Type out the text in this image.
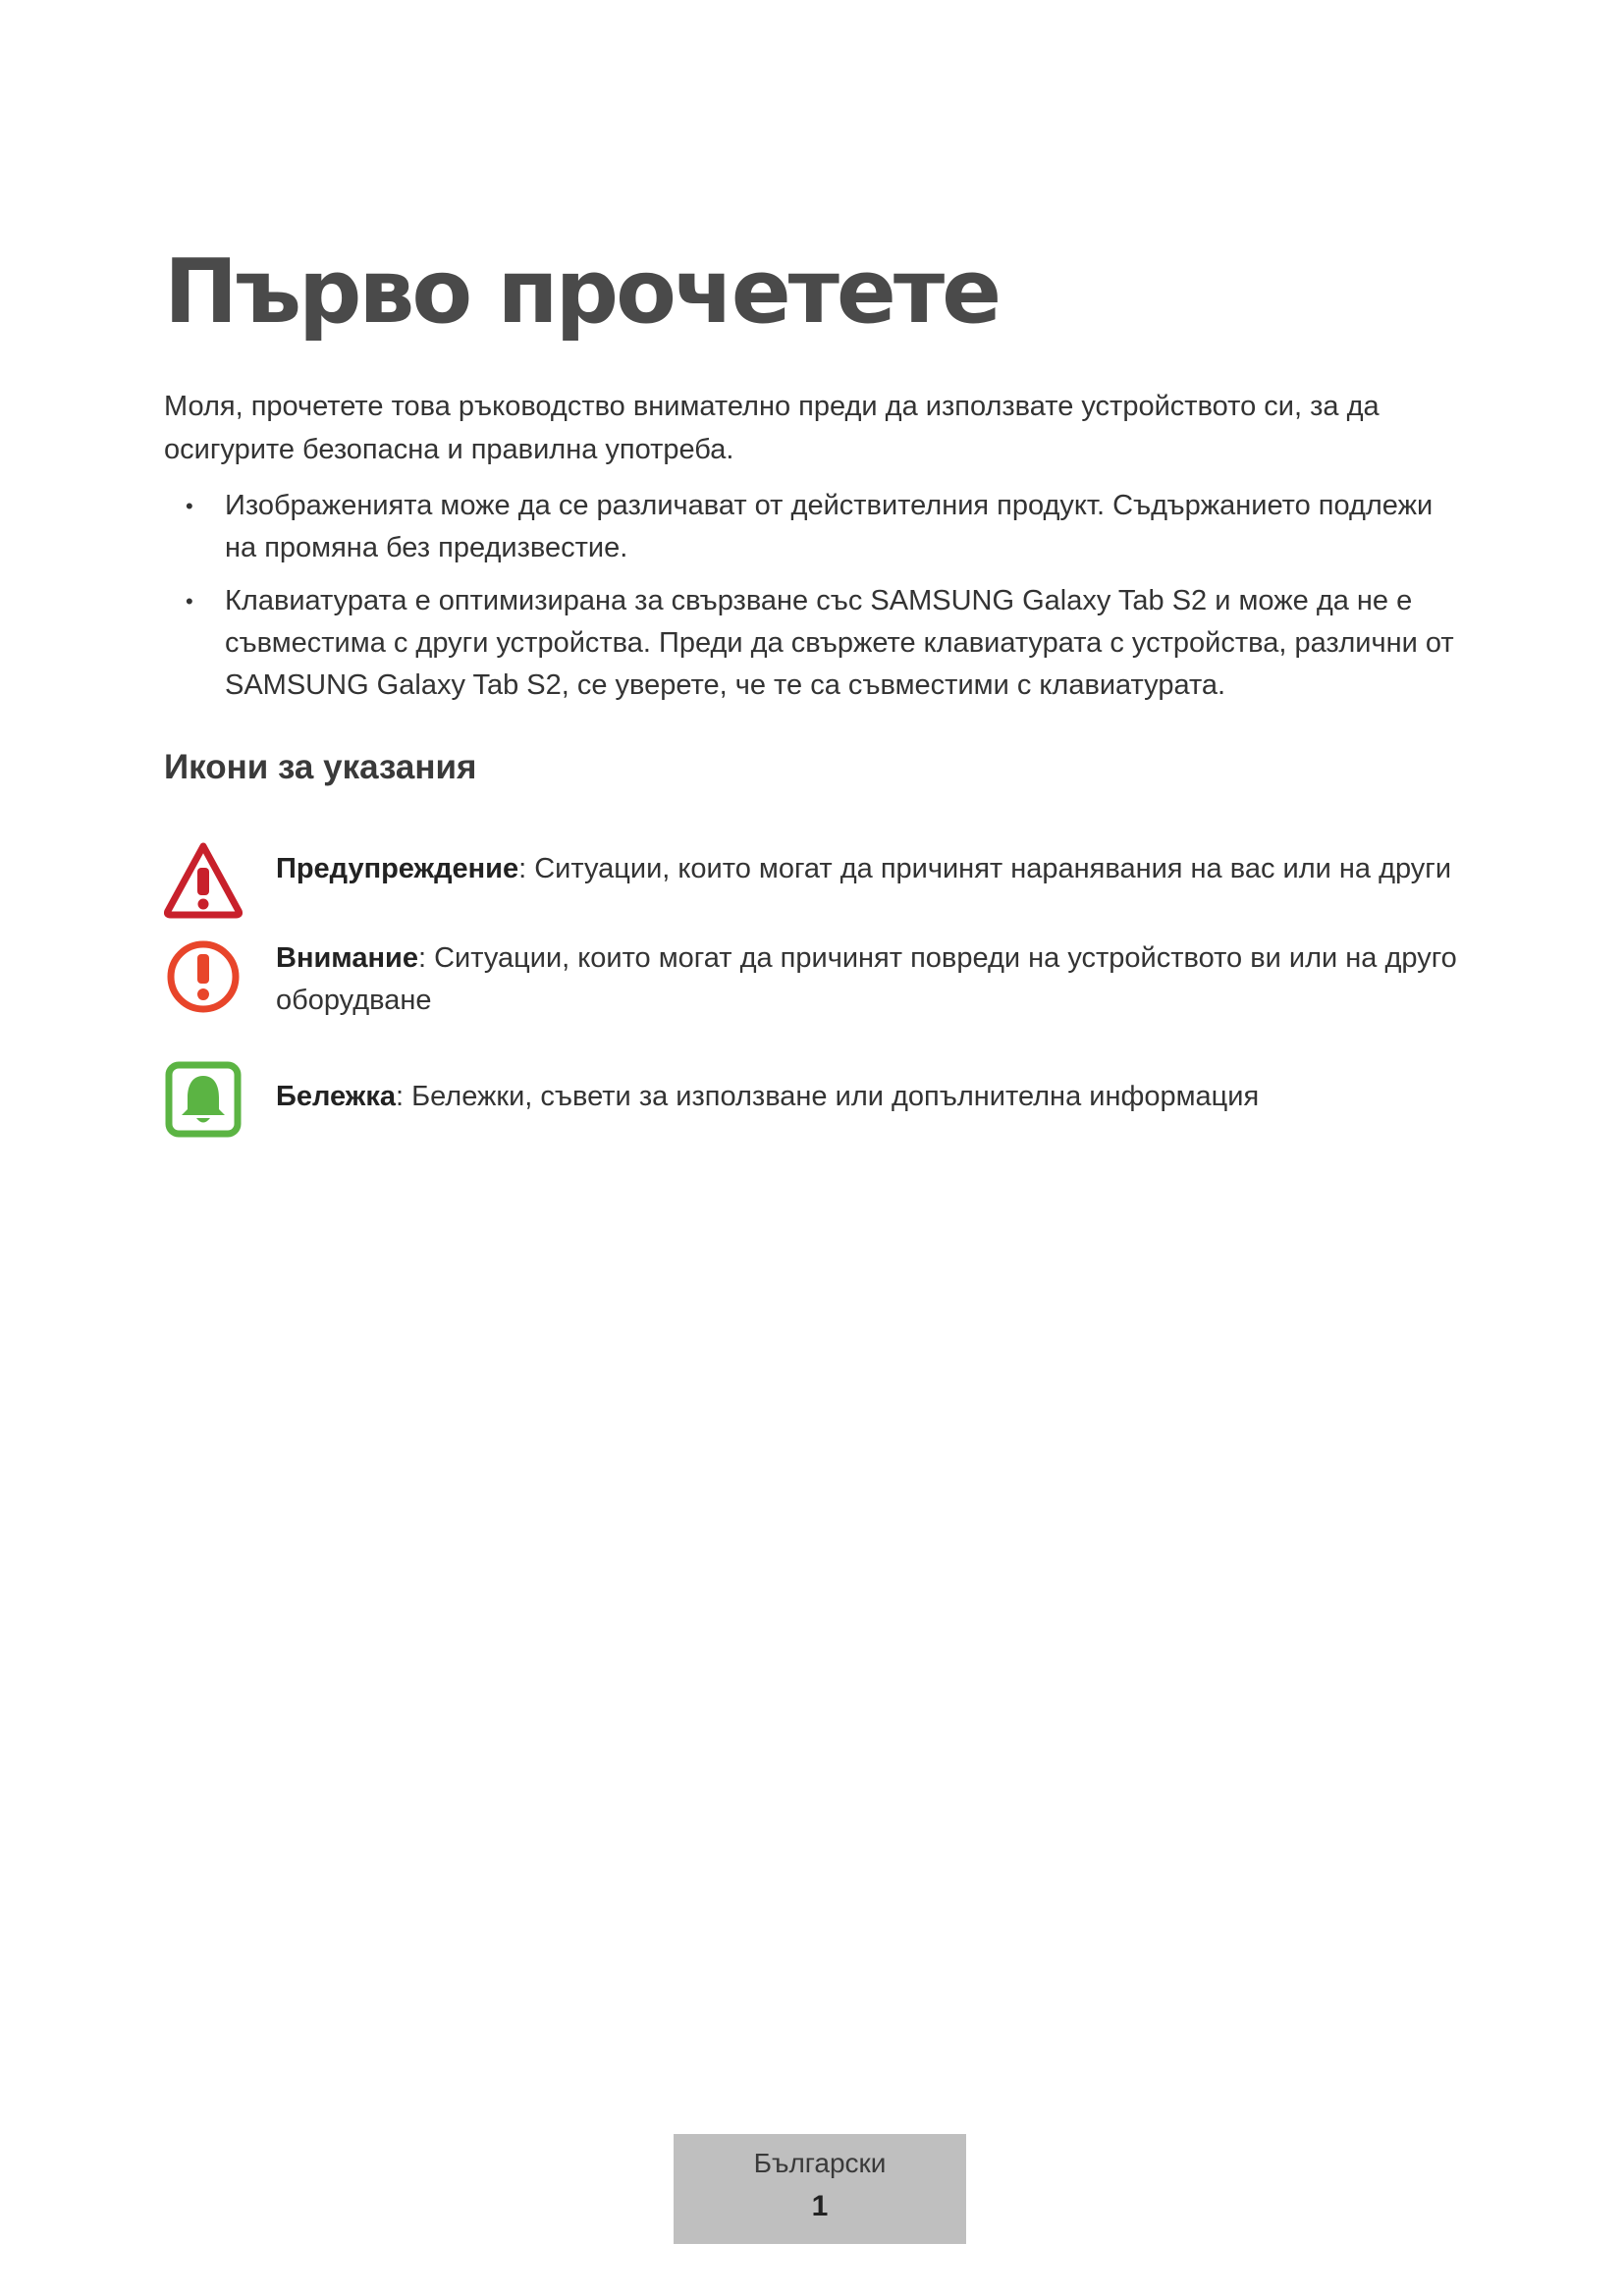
Първо прочетете

Моля, прочетете това ръководство внимателно преди да използвате устройството си, за да осигурите безопасна и правилна употреба.

• Изображенията може да се различават от действителния продукт. Съдържанието подлежи на промяна без предизвестие.
• Клавиатурата е оптимизирана за свързване със SAMSUNG Galaxy Tab S2 и може да не е съвместима с други устройства. Преди да свържете клавиатурата с устройства, различни от SAMSUNG Galaxy Tab S2, се уверете, че те са съвместими с клавиатурата.
Икони за указания
Предупреждение: Ситуации, които могат да причинят наранявания на вас или на други
Внимание: Ситуации, които могат да причинят повреди на устройството ви или на друго оборудване
Бележка: Бележки, съвети за използване или допълнителна информация
Български
1
